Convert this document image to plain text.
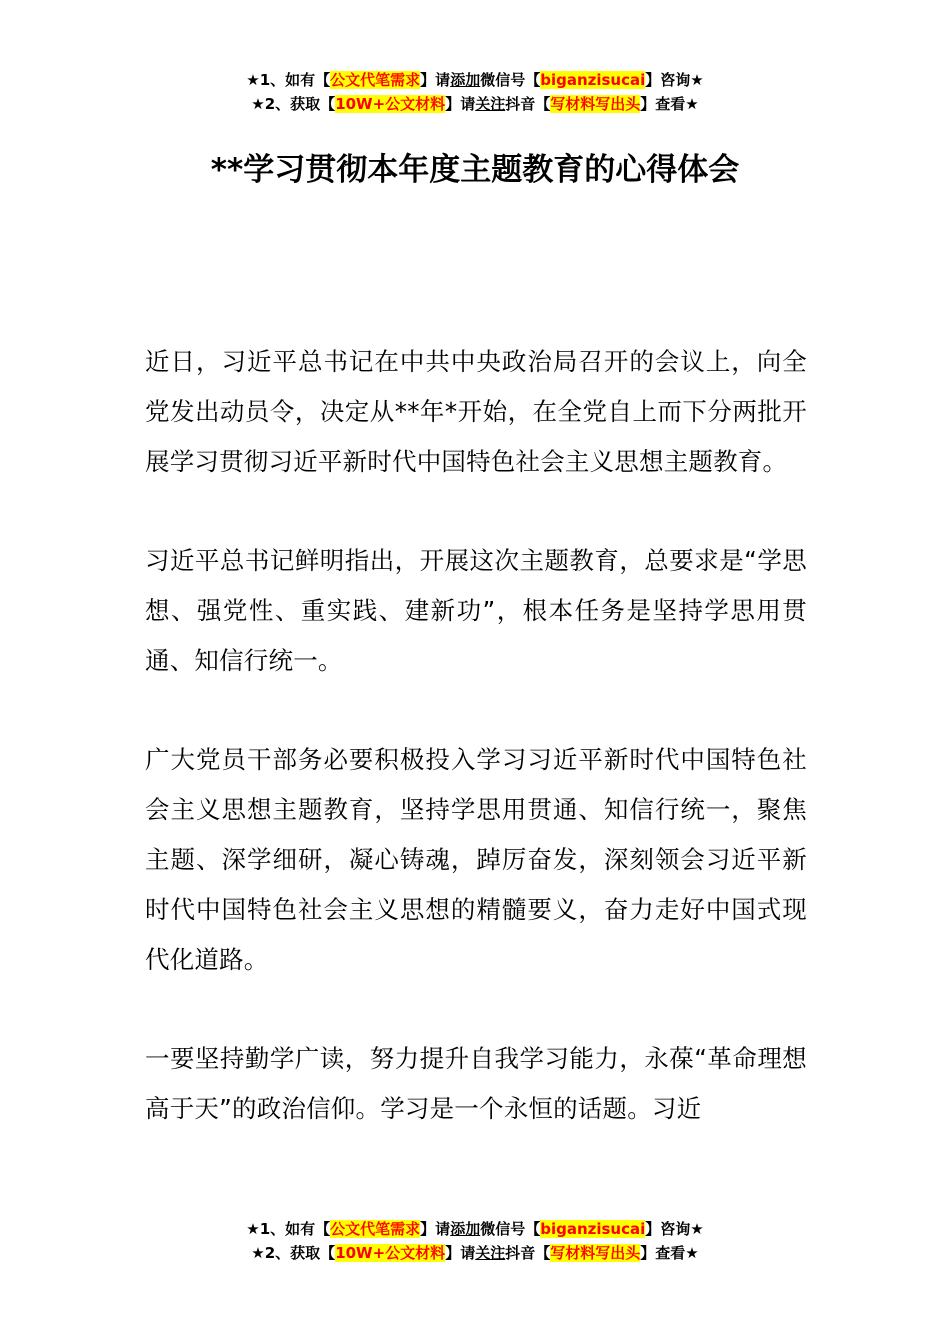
★1、如有【公文代笔需求】请添加微信号【biganzisucai】咨询★
★2、获取【10W+公文材料】请关注抖音【写材料写出头】查看★
**学习贯彻本年度主题教育的心得体会

近日，习近平总书记在中共中央政治局召开的会议上，向全党发出动员令，决定从**年*开始，在全党自上而下分两批开展学习贯彻习近平新时代中国特色社会主义思想主题教育。

习近平总书记鲜明指出，开展这次主题教育，总要求是“学思想、强党性、重实践、建新功”，根本任务是坚持学思用贯通、知信行统一。

广大党员干部务必要积极投入学习习近平新时代中国特色社会主义思想主题教育，坚持学思用贯通、知信行统一，聚焦主题、深学细研，凝心铸魂，踔厉奋发，深刻领会习近平新时代中国特色社会主义思想的精髓要义，奋力走好中国式现代化道路。

一要坚持勤学广读，努力提升自我学习能力，永葆“革命理想高于天”的政治信仰。学习是一个永恒的话题。习近

★1、如有【公文代笔需求】请添加微信号【biganzisucai】咨询★
★2、获取【10W+公文材料】请关注抖音【写材料写出头】查看★
